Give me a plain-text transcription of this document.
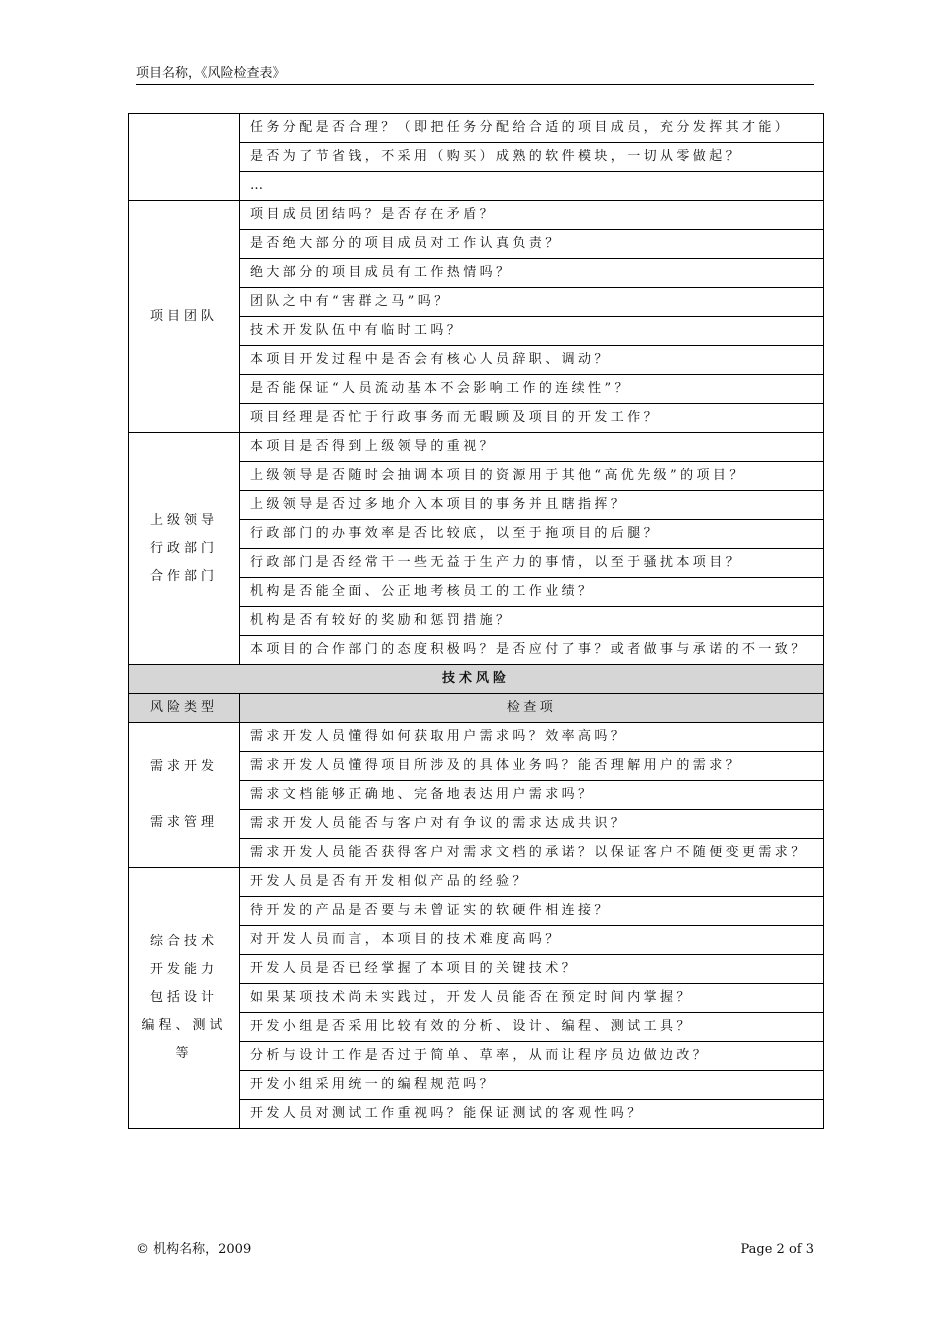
项目名称，《风险检查表》
	任务分配是否合理？（即把任务分配给合适的项目成员，充分发挥其才能）
	是否为了节省钱，不采用（购买）成熟的软件模块，一切从零做起？
	…

项目团队	项目成员团结吗？是否存在矛盾？
	是否绝大部分的项目成员对工作认真负责？
	绝大部分的项目成员有工作热情吗？
	团队之中有“害群之马”吗？
	技术开发队伍中有临时工吗？
	本项目开发过程中是否会有核心人员辞职、调动？
	是否能保证“人员流动基本不会影响工作的连续性”？
	项目经理是否忙于行政事务而无暇顾及项目的开发工作？

上级领导
行政部门
合作部门	本项目是否得到上级领导的重视？
	上级领导是否随时会抽调本项目的资源用于其他“高优先级”的项目？
	上级领导是否过多地介入本项目的事务并且瞎指挥？
	行政部门的办事效率是否比较底，以至于拖项目的后腿？
	行政部门是否经常干一些无益于生产力的事情，以至于骚扰本项目？
	机构是否能全面、公正地考核员工的工作业绩？
	机构是否有较好的奖励和惩罚措施？
	本项目的合作部门的态度积极吗？是否应付了事？或者做事与承诺的不一致？
技术风险	
风险类型	检查项

需求开发
需求管理	需求开发人员懂得如何获取用户需求吗？效率高吗？
	需求开发人员懂得项目所涉及的具体业务吗？能否理解用户的需求？
	需求文档能够正确地、完备地表达用户需求吗？
	需求开发人员能否与客户对有争议的需求达成共识？
	需求开发人员能否获得客户对需求文档的承诺？以保证客户不随便变更需求？

综合技术
开发能力
包括设计
编程、测试
等	开发人员是否有开发相似产品的经验？
	待开发的产品是否要与未曾证实的软硬件相连接？
	对开发人员而言，本项目的技术难度高吗？
	开发人员是否已经掌握了本项目的关键技术？
	如果某项技术尚未实践过，开发人员能否在预定时间内掌握？
	开发小组是否采用比较有效的分析、设计、编程、测试工具？
	分析与设计工作是否过于简单、草率，从而让程序员边做边改？
	开发小组采用统一的编程规范吗？
	开发人员对测试工作重视吗？能保证测试的客观性吗？
© 机构名称，2009	Page 2 of 3
